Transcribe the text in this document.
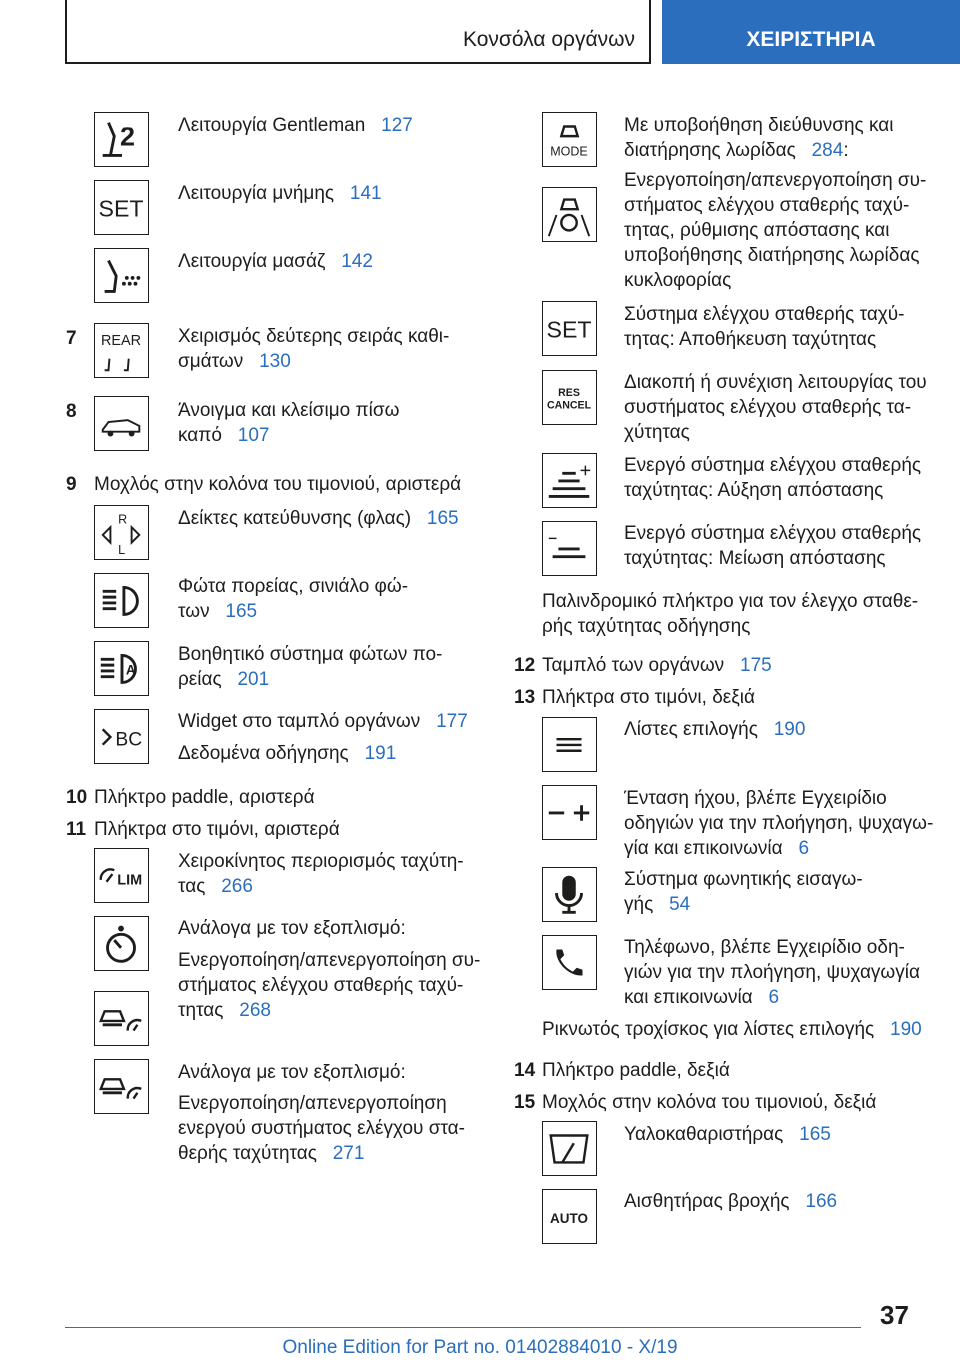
Κονσόλα οργάνων	ΧΕΙΡΙΣΤΗΡΙΑ
2 Λειτουργία Gentleman 127
SET
Λειτουργία μνήμης 141
Λειτουργία μασάζ 142
7 REAR Χειρισμός δεύτερης σειράς καθι-
σμάτων 130
8	Άνοιγμα και κλείσιμο πίσω
καπό 107
9 Μοχλός στην κολόνα του τιμονιού, αριστερά
R
L
Δείκτες κατεύθυνσης (φλας) 165
Φώτα πορείας, σινιάλο φώ-
των 165
A
Βοηθητικό σύστημα φώτων πο-
ρείας 201
BC
Widget στο ταμπλό οργάνων 177
Δεδομένα οδήγησης 191
10 Πλήκτρο paddle, αριστερά
11 Πλήκτρα στο τιμόνι, αριστερά
LIM
Χειροκίνητος περιορισμός ταχύτη-
τας 266
Ανάλογα με τον εξοπλισμό:
Ενεργοποίηση/απενεργοποίηση συ-
στήματος ελέγχου σταθερής ταχύ-
τητας 268
Ανάλογα με τον εξοπλισμό:
Ενεργοποίηση/απενεργοποίηση
ενεργού συστήματος ελέγχου στα-
θερής ταχύτητας 271
MODE
Με υποβοήθηση διεύθυνσης και
διατήρησης λωρίδας 284:
Ενεργοποίηση/απενεργοποίηση συ-
στήματος ελέγχου σταθερής ταχύ-
τητας, ρύθμισης απόστασης και
υποβοήθησης διατήρησης λωρίδας
κυκλοφορίας
SET
Σύστημα ελέγχου σταθερής ταχύ-
τητας: Αποθήκευση ταχύτητας
RES
CANCEL
Διακοπή ή συνέχιση λειτουργίας του
συστήματος ελέγχου σταθερής τα-
χύτητας
Ενεργό σύστημα ελέγχου σταθερής
ταχύτητας: Αύξηση απόστασης
Ενεργό σύστημα ελέγχου σταθερής
ταχύτητας: Μείωση απόστασης
Παλινδρομικό πλήκτρο για τον έλεγχο σταθε-
ρής ταχύτητας οδήγησης
12 Ταμπλό των οργάνων 175
13 Πλήκτρα στο τιμόνι, δεξιά
Λίστες επιλογής 190
Ένταση ήχου, βλέπε Εγχειρίδιο
οδηγιών για την πλοήγηση, ψυχαγω-
γία και επικοινωνία 6
Σύστημα φωνητικής εισαγω-
γής 54
Τηλέφωνο, βλέπε Εγχειρίδιο οδη-
γιών για την πλοήγηση, ψυχαγωγία
και επικοινωνία 6
Ρικνωτός τροχίσκος για λίστες επιλογής 190
14 Πλήκτρο paddle, δεξιά
15 Μοχλός στην κολόνα του τιμονιού, δεξιά
Υαλοκαθαριστήρας 165
AUTO
Αισθητήρας βροχής 166
37
Online Edition for Part no. 01402884010 - X/19
